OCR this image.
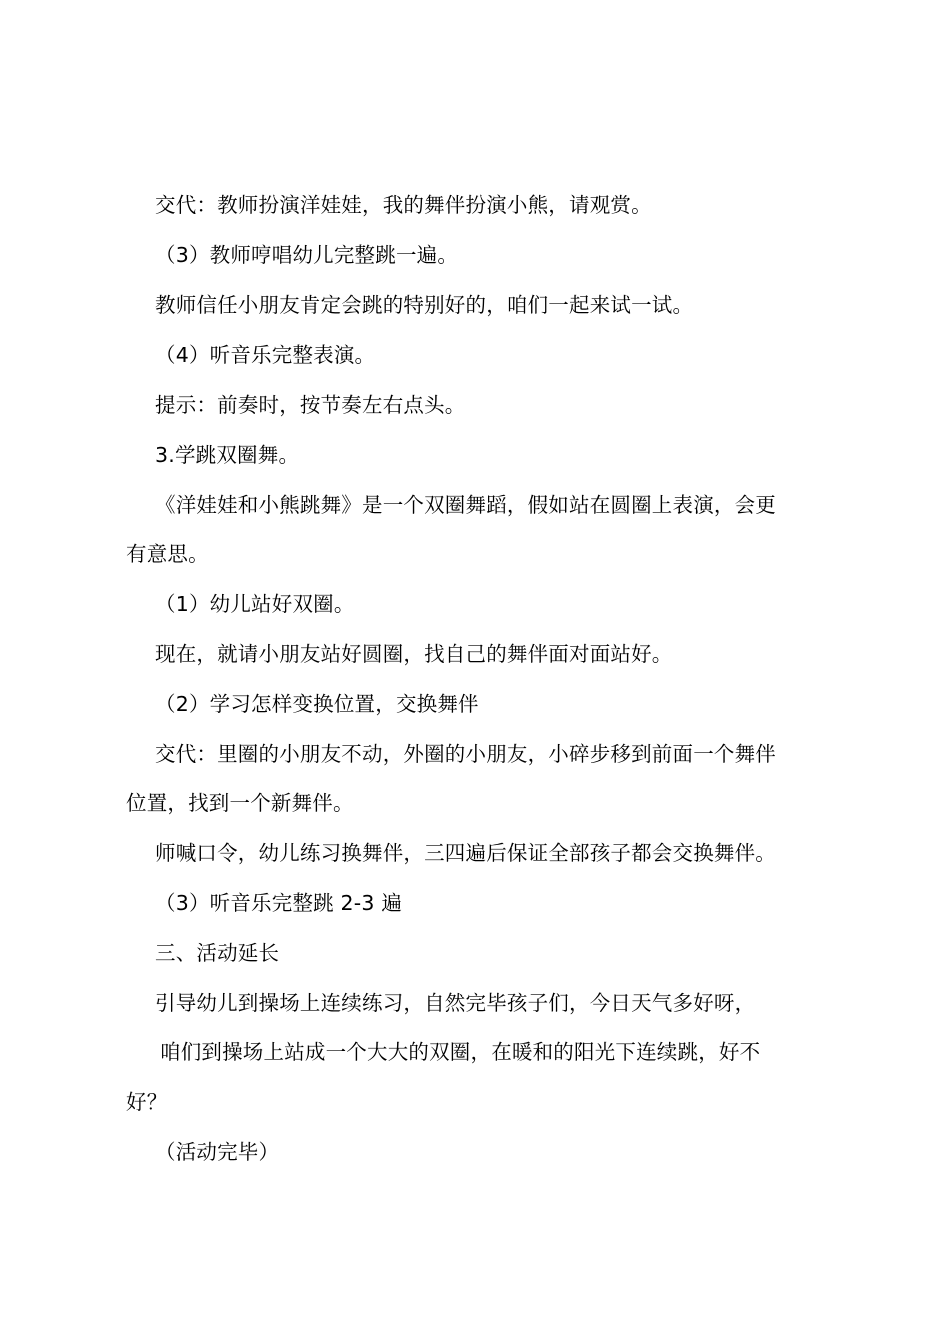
交代：教师扮演洋娃娃，我的舞伴扮演小熊，请观赏。
（3）教师哼唱幼儿完整跳一遍。
教师信任小朋友肯定会跳的特别好的，咱们一起来试一试。
（4）听音乐完整表演。
提示：前奏时，按节奏左右点头。
3.学跳双圈舞。
《洋娃娃和小熊跳舞》是一个双圈舞蹈，假如站在圆圈上表演，会更
有意思。
（1）幼儿站好双圈。
现在，就请小朋友站好圆圈，找自己的舞伴面对面站好。
（2）学习怎样变换位置，交换舞伴
交代：里圈的小朋友不动，外圈的小朋友，小碎步移到前面一个舞伴
位置，找到一个新舞伴。
师喊口令，幼儿练习换舞伴，三四遍后保证全部孩子都会交换舞伴。
（3）听音乐完整跳 2-3 遍
三、活动延长
引导幼儿到操场上连续练习，自然完毕孩子们，今日天气多好呀，
咱们到操场上站成一个大大的双圈，在暖和的阳光下连续跳，好不
好？
（活动完毕）
